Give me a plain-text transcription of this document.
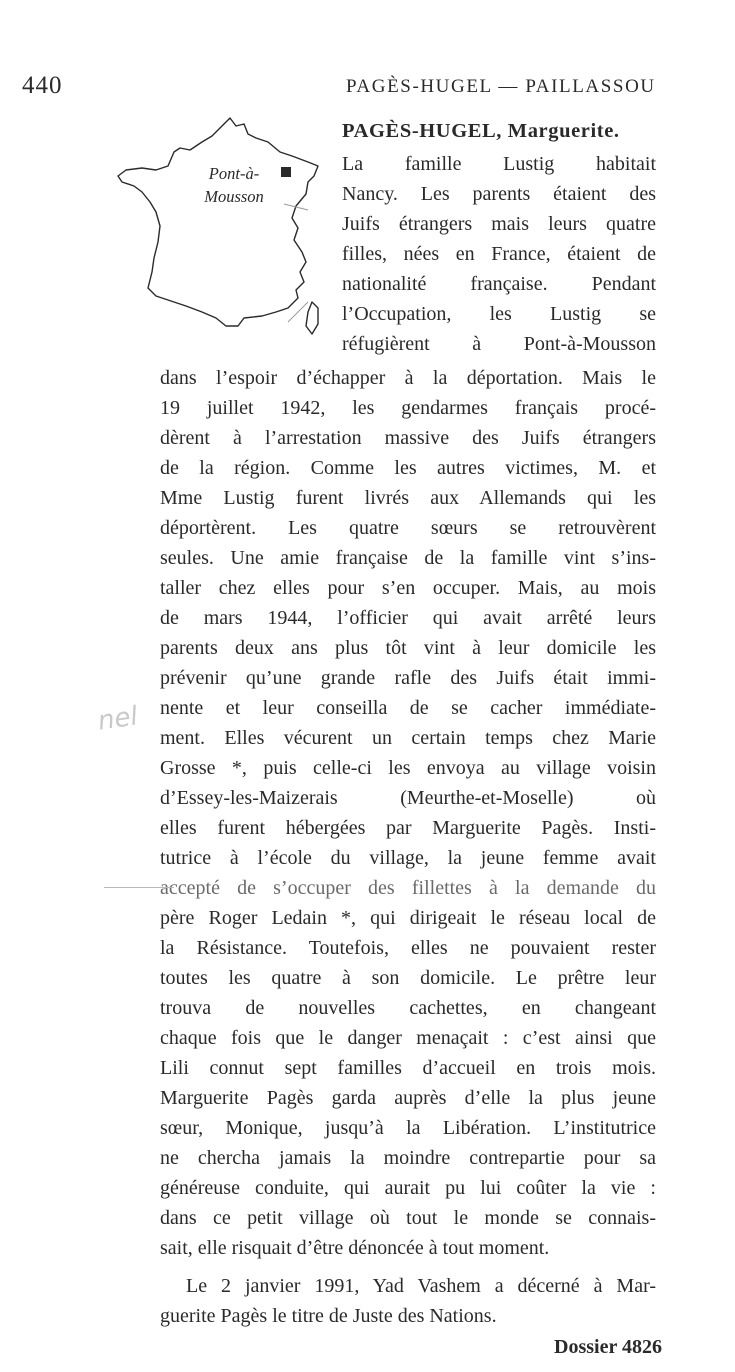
440	PAGÈS-HUGEL — PAILLASSOU
Pont-à-
Mousson
PAGÈS-HUGEL, Marguerite.

La famille Lustig habitait

Nancy. Les parents étaient des

Juifs étrangers mais leurs quatre

filles, nées en France, étaient de

nationalité française. Pendant

l’Occupation, les Lustig se

réfugièrent à Pont-à-Mousson

dans l’espoir d’échapper à la déportation. Mais le

19 juillet 1942, les gendarmes français procé-

dèrent à l’arrestation massive des Juifs étrangers

de la région. Comme les autres victimes, M. et

Mme Lustig furent livrés aux Allemands qui les

déportèrent. Les quatre sœurs se retrouvèrent

seules. Une amie française de la famille vint s’ins-

taller chez elles pour s’en occuper. Mais, au mois

de mars 1944, l’officier qui avait arrêté leurs

parents deux ans plus tôt vint à leur domicile les

prévenir qu’une grande rafle des Juifs était immi-

nente et leur conseilla de se cacher immédiate-

ment. Elles vécurent un certain temps chez Marie

Grosse *, puis celle-ci les envoya au village voisin

d’Essey-les-Maizerais (Meurthe-et-Moselle) où

elles furent hébergées par Marguerite Pagès. Insti-

tutrice à l’école du village, la jeune femme avait

accepté de s’occuper des fillettes à la demande du

père Roger Ledain *, qui dirigeait le réseau local de

la Résistance. Toutefois, elles ne pouvaient rester

toutes les quatre à son domicile. Le prêtre leur

trouva de nouvelles cachettes, en changeant

chaque fois que le danger menaçait : c’est ainsi que

Lili connut sept familles d’accueil en trois mois.

Marguerite Pagès garda auprès d’elle la plus jeune

sœur, Monique, jusqu’à la Libération. L’institutrice

ne chercha jamais la moindre contrepartie pour sa

généreuse conduite, qui aurait pu lui coûter la vie :

dans ce petit village où tout le monde se connais-

sait, elle risquait d’être dénoncée à tout moment.

Le 2 janvier 1991, Yad Vashem a décerné à Mar-

guerite Pagès le titre de Juste des Nations.

Dossier 4826
nel
